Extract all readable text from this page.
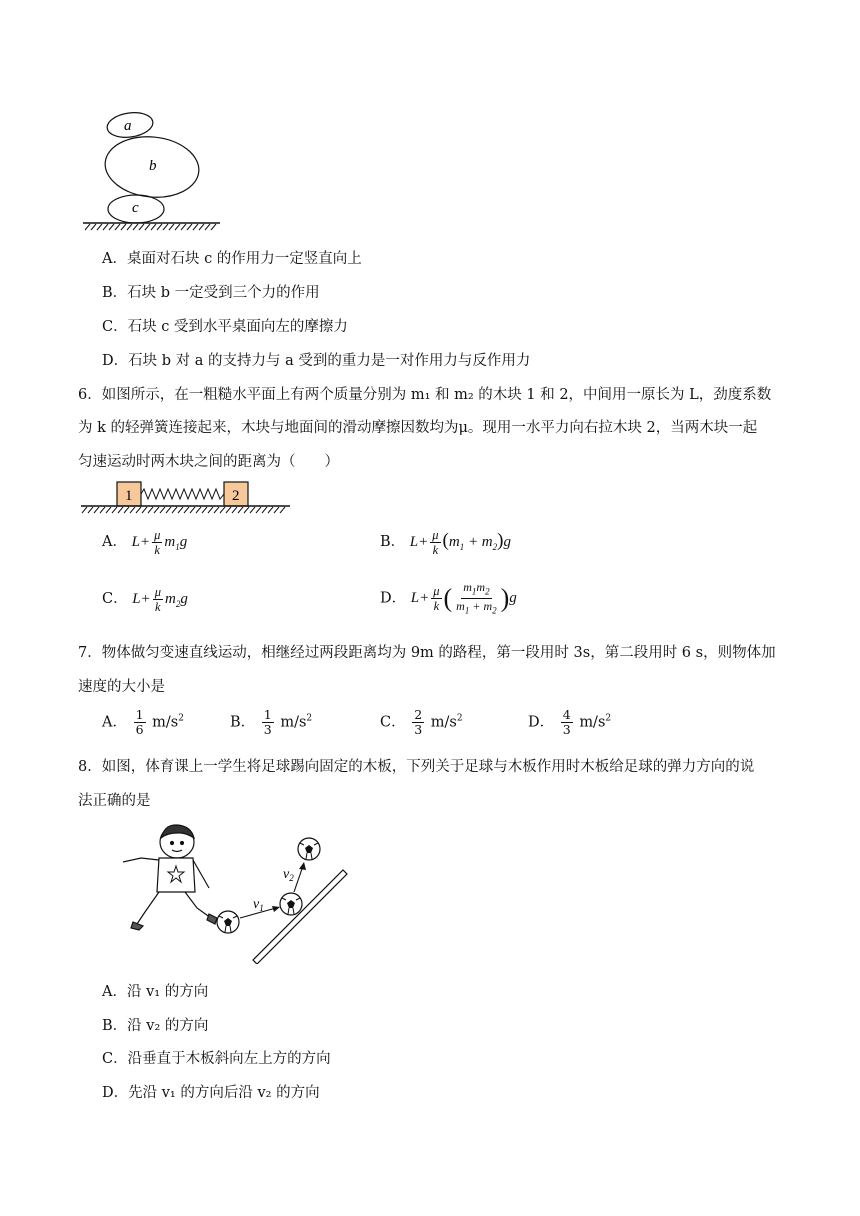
a
b
c
A．桌面对石块 c 的作用力一定竖直向上
B．石块 b 一定受到三个力的作用
C．石块 c 受到水平桌面向左的摩擦力
D．石块 b 对 a 的支持力与 a 受到的重力是一对作用力与反作用力
6．如图所示，在一粗糙水平面上有两个质量分别为 m₁ 和 m₂ 的木块 1 和 2，中间用一原长为 L，劲度系数
为 k 的轻弹簧连接起来，木块与地面间的滑动摩擦因数均为μ。现用一水平力向右拉木块 2，当两木块一起
匀速运动时两木块之间的距离为（　　）
1	2
A． $L+ \frac{\mu}{k} m_1g$	B． $L+ \frac{\mu}{k} (m_1 + m_2)g$
C． $L+ \frac{\mu}{k} m_2g$	D． $L+ \frac{\mu}{k}$ ( $\frac{m_1m_2}{m_1 + m_2} )g$
7．物体做匀变速直线运动，相继经过两段距离均为 9m 的路程，第一段用时 3s，第二段用时 6 s，则物体加
速度的大小是
A． $\frac{1}{6} m/s^2$	B． $\frac{1}{3} m/s^2$	C． $\frac{2}{3} m/s^2$	D． $\frac{4}{3} m/s^2$
8．如图，体育课上一学生将足球踢向固定的木板，下列关于足球与木板作用时木板给足球的弹力方向的说
法正确的是
$v_1$
$v_2$
A．沿 v₁ 的方向
B．沿 v₂ 的方向
C．沿垂直于木板斜向左上方的方向
D．先沿 v₁ 的方向后沿 v₂ 的方向
